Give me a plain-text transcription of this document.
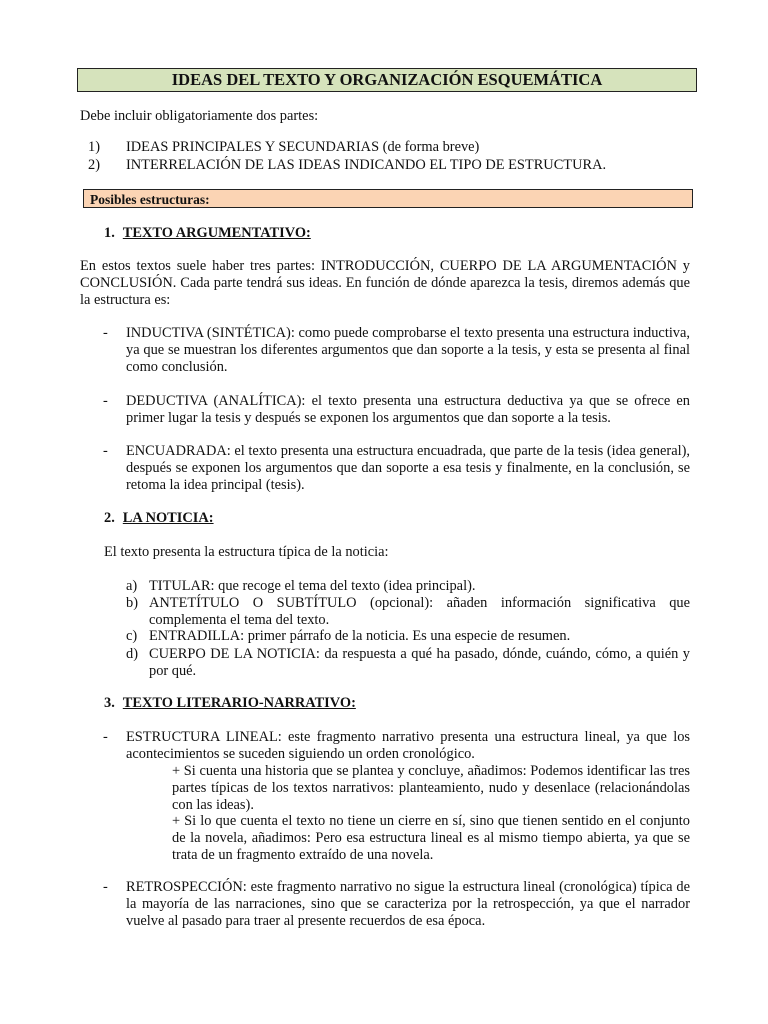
IDEAS DEL TEXTO Y ORGANIZACIÓN ESQUEMÁTICA
Debe incluir obligatoriamente dos partes:
1) IDEAS PRINCIPALES Y SECUNDARIAS (de forma breve)
2) INTERRELACIÓN DE LAS IDEAS INDICANDO EL TIPO DE ESTRUCTURA.
Posibles estructuras:
1. TEXTO ARGUMENTATIVO:
En estos textos suele haber tres partes: INTRODUCCIÓN, CUERPO DE LA ARGUMENTACIÓN y CONCLUSIÓN. Cada parte tendrá sus ideas. En función de dónde aparezca la tesis, diremos además que la estructura es:
- INDUCTIVA (SINTÉTICA): como puede comprobarse el texto presenta una estructura inductiva, ya que se muestran los diferentes argumentos que dan soporte a la tesis, y esta se presenta al final como conclusión.
- DEDUCTIVA (ANALÍTICA): el texto presenta una estructura deductiva ya que se ofrece en primer lugar la tesis y después se exponen los argumentos que dan soporte a la tesis.
- ENCUADRADA: el texto presenta una estructura encuadrada, que parte de la tesis (idea general), después se exponen los argumentos que dan soporte a esa tesis y finalmente, en la conclusión, se retoma la idea principal (tesis).
2. LA NOTICIA:
El texto presenta la estructura típica de la noticia:
a) TITULAR: que recoge el tema del texto (idea principal).
b) ANTETÍTULO O SUBTÍTULO (opcional): añaden información significativa que complementa el tema del texto.
c) ENTRADILLA: primer párrafo de la noticia. Es una especie de resumen.
d) CUERPO DE LA NOTICIA: da respuesta a qué ha pasado, dónde, cuándo, cómo, a quién y por qué.
3. TEXTO LITERARIO-NARRATIVO:
- ESTRUCTURA LINEAL: este fragmento narrativo presenta una estructura lineal, ya que los acontecimientos se suceden siguiendo un orden cronológico.
+ Si cuenta una historia que se plantea y concluye, añadimos: Podemos identificar las tres partes típicas de los textos narrativos: planteamiento, nudo y desenlace (relacionándolas con las ideas).
+ Si lo que cuenta el texto no tiene un cierre en sí, sino que tienen sentido en el conjunto de la novela, añadimos: Pero esa estructura lineal es al mismo tiempo abierta, ya que se trata de un fragmento extraído de una novela.
- RETROSPECCIÓN: este fragmento narrativo no sigue la estructura lineal (cronológica) típica de la mayoría de las narraciones, sino que se caracteriza por la retrospección, ya que el narrador vuelve al pasado para traer al presente recuerdos de esa época.
